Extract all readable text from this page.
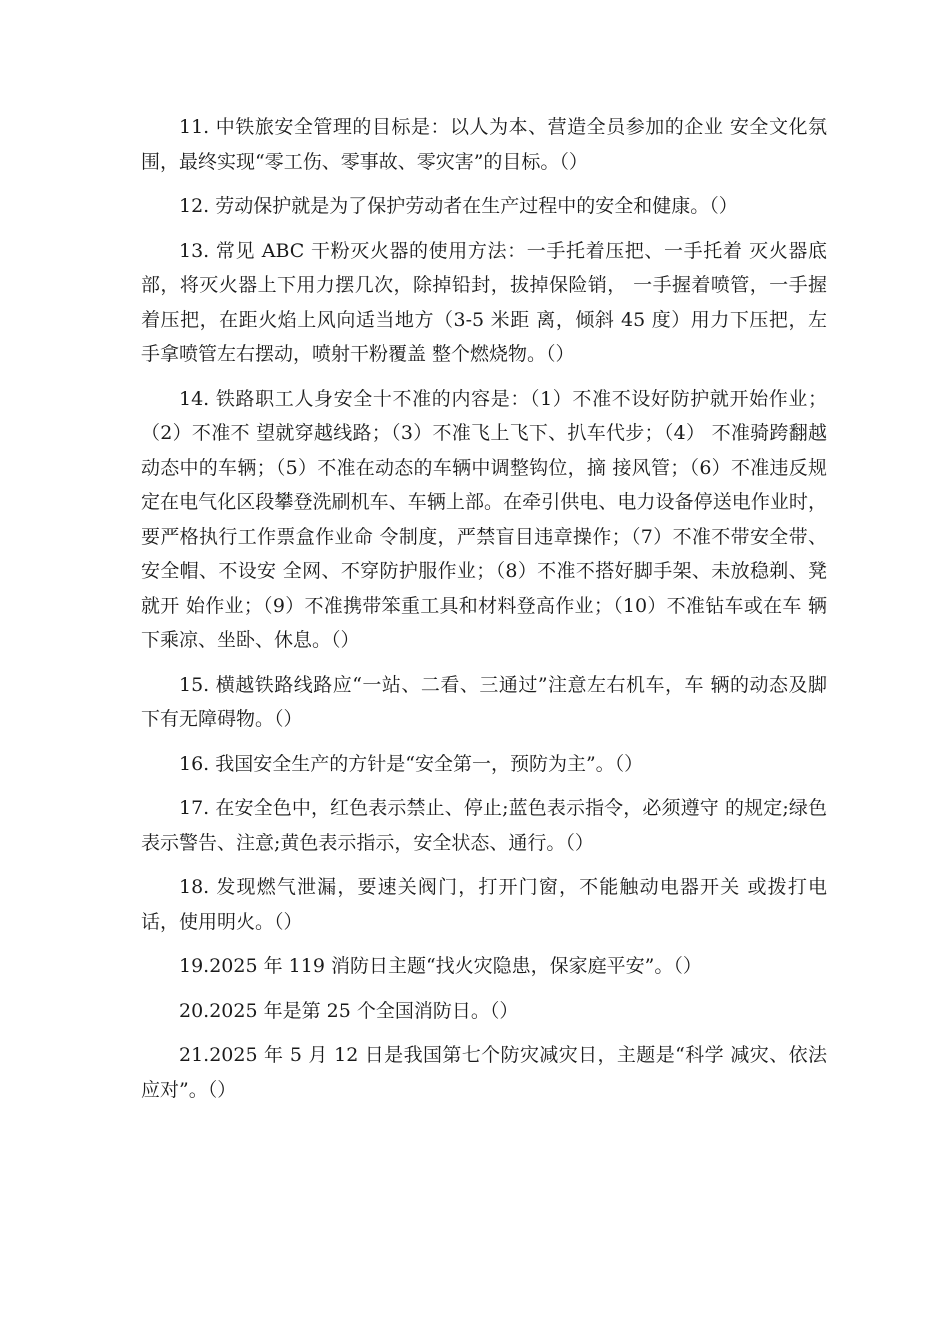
11. 中铁旅安全管理的目标是：以人为本、营造全员参加的企业 安全文化氛围，最终实现“零工伤、零事故、零灾害”的目标。（）

12. 劳动保护就是为了保护劳动者在生产过程中的安全和健康。（）

13. 常见 ABC 干粉灭火器的使用方法：一手托着压把、一手托着 灭火器底部，将灭火器上下用力摆几次，除掉铅封，拔掉保险销， 一手握着喷管，一手握着压把，在距火焰上风向适当地方（3-5 米距 离，倾斜 45 度）用力下压把，左手拿喷管左右摆动，喷射干粉覆盖 整个燃烧物。（）

14. 铁路职工人身安全十不准的内容是：（1）不准不设好防护就开始作业；（2）不准不 望就穿越线路；（3）不准飞上飞下、扒车代步；（4） 不准骑跨翻越动态中的车辆；（5）不准在动态的车辆中调整钩位，摘 接风管；（6）不准违反规定在电气化区段攀登洗刷机车、车辆上部。在牵引供电、电力设备停送电作业时，要严格执行工作票盒作业命 令制度，严禁盲目违章操作；（7）不准不带安全带、安全帽、不设安 全网、不穿防护服作业；（8）不准不搭好脚手架、未放稳剃、凳就开 始作业；（9）不准携带笨重工具和材料登高作业；（10）不准钻车或在车 辆下乘凉、坐卧、休息。（）

15. 横越铁路线路应“一站、二看、三通过”注意左右机车，车 辆的动态及脚下有无障碍物。（）

16. 我国安全生产的方针是“安全第一，预防为主”。（）

17. 在安全色中，红色表示禁止、停止;蓝色表示指令，必须遵守 的规定;绿色表示警告、注意;黄色表示指示，安全状态、通行。（）

18. 发现燃气泄漏，要速关阀门，打开门窗，不能触动电器开关 或拨打电话，使用明火。（）

19.2025 年 119 消防日主题“找火灾隐患，保家庭平安”。（）

20.2025 年是第 25 个全国消防日。（）

21.2025 年 5 月 12 日是我国第七个防灾减灾日，主题是“科学 减灾、依法应对”。（）
